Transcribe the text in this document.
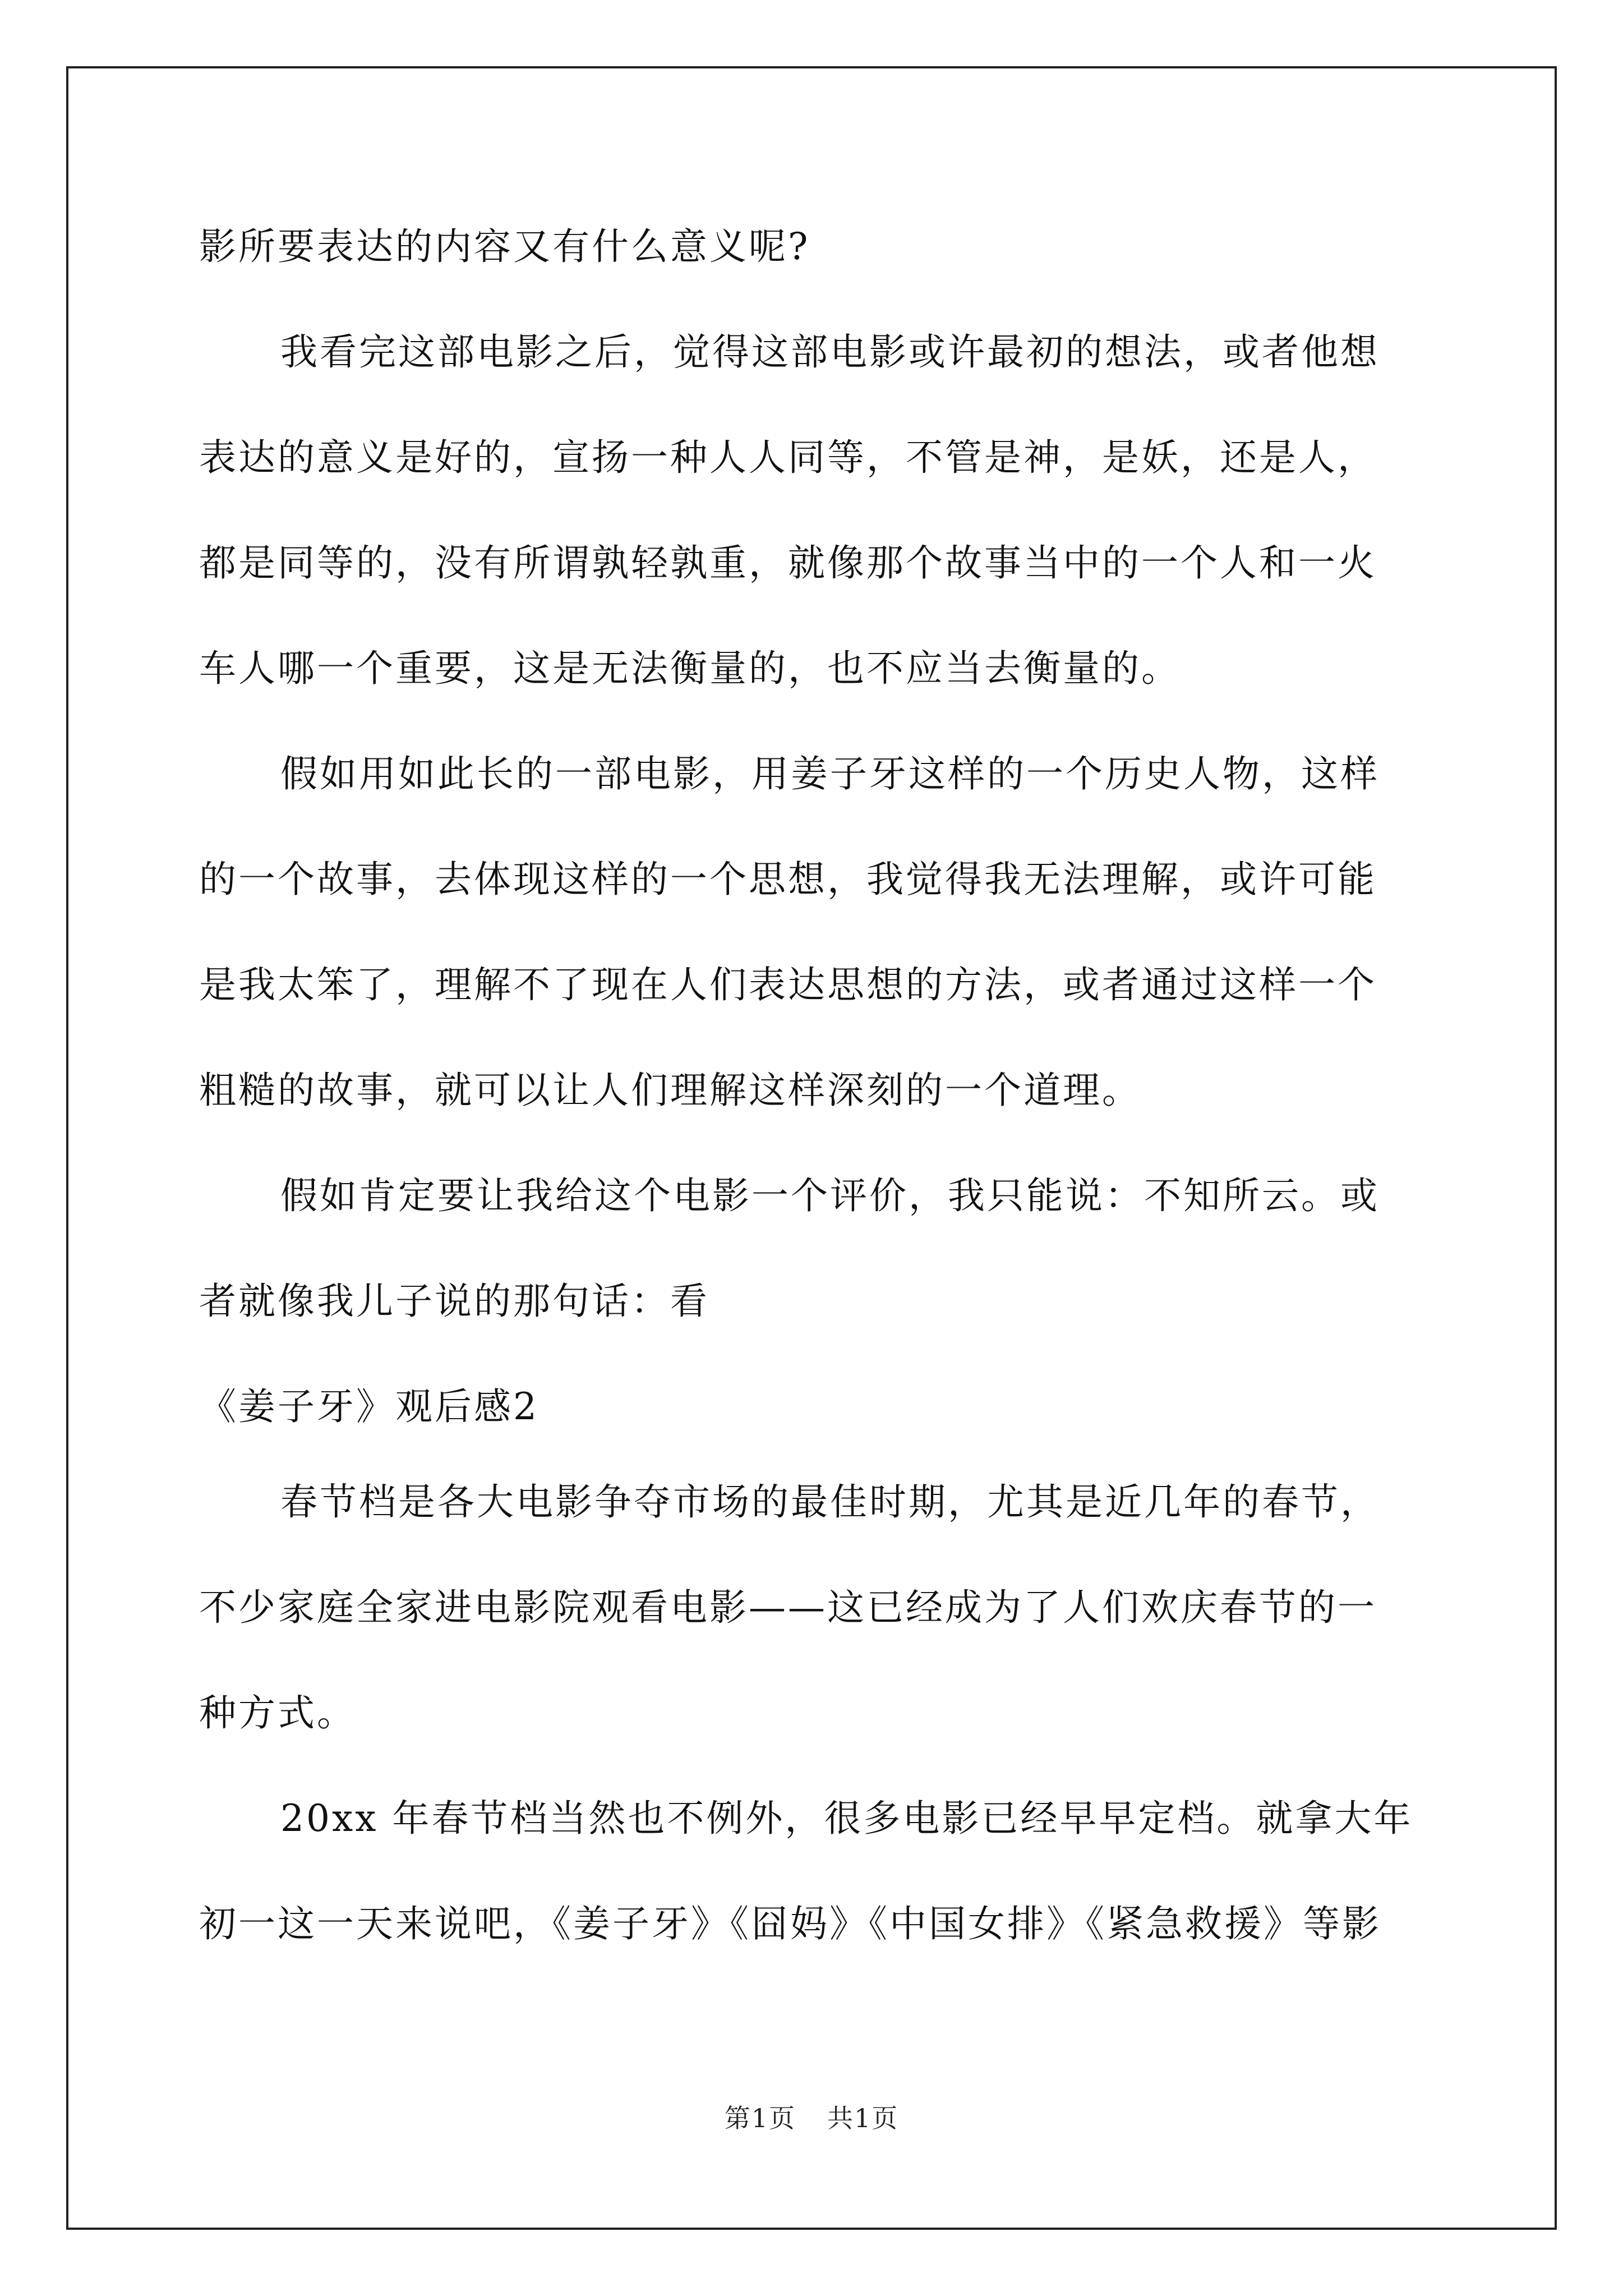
影所要表达的内容又有什么意义呢?
我看完这部电影之后，觉得这部电影或许最初的想法，或者他想
表达的意义是好的，宣扬一种人人同等，不管是神，是妖，还是人，
都是同等的，没有所谓孰轻孰重，就像那个故事当中的一个人和一火
车人哪一个重要，这是无法衡量的，也不应当去衡量的。
假如用如此长的一部电影，用姜子牙这样的一个历史人物，这样
的一个故事，去体现这样的一个思想，我觉得我无法理解，或许可能
是我太笨了，理解不了现在人们表达思想的方法，或者通过这样一个
粗糙的故事，就可以让人们理解这样深刻的一个道理。
假如肯定要让我给这个电影一个评价，我只能说：不知所云。或
者就像我儿子说的那句话：看
《姜子牙》观后感2
春节档是各大电影争夺市场的最佳时期，尤其是近几年的春节，
不少家庭全家进电影院观看电影——这已经成为了人们欢庆春节的一
种方式。
20xx 年春节档当然也不例外，很多电影已经早早定档。就拿大年
初一这一天来说吧，《姜子牙》《囧妈》《中国女排》《紧急救援》等影
第1页 共1页
